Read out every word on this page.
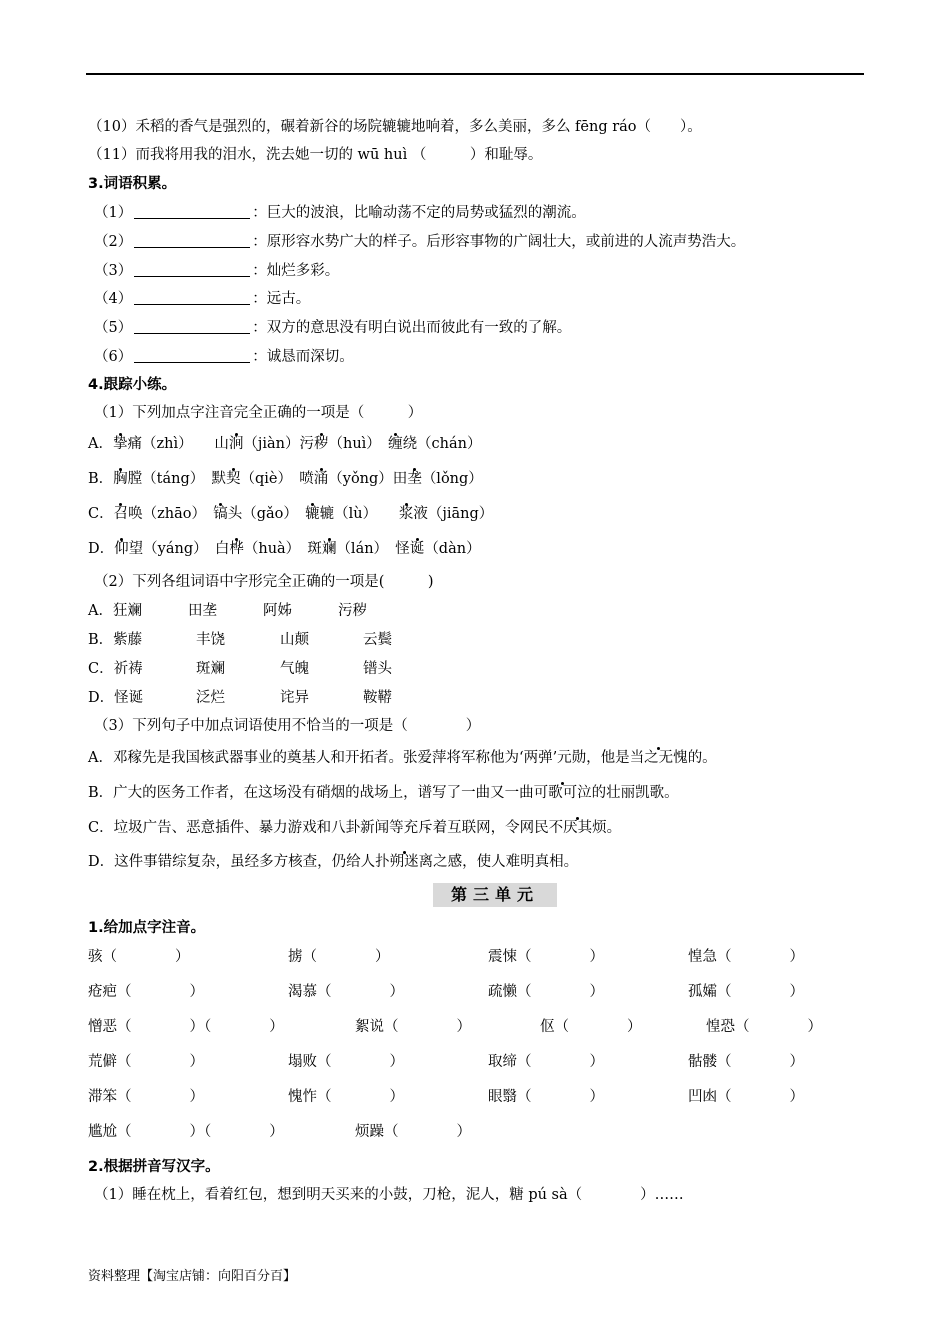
（10）禾稻的香气是强烈的，碾着新谷的场院辘辘地响着，多么美丽，多么 fēng ráo（　　）。
（11）而我将用我的泪水，洗去她一切的 wū huì （　　　）和耻辱。
3.词语积累。
（1）	：巨大的波浪，比喻动荡不定的局势或猛烈的潮流。
（2）	：原形容水势广大的样子。后形容事物的广阔壮大，或前进的人流声势浩大。
（3）	：灿烂多彩。
（4）	：远古。
（5）	：双方的意思没有明白说出而彼此有一致的了解。
（6）	：诚恳而深切。
4.跟踪小练。
（1）下列加点字注音完全正确的一项是（　　　）
A．挚痛（zhì）　　山涧（jiàn）污秽（huì）　缠绕（chán）
B．胸膛（táng）　默契（qiè）　喷涌（yǒng）田垄（lǒng）
C．召唤（zhāo）　镐头（gǎo）　辘辘（lù）　　浆液（jiāng）
D．仰望（yáng）　白桦（huà）　斑斓（lán）　怪诞（dàn）
（2）下列各组词语中字形完全正确的一项是(　　　)
A．狂斓	田垄	阿姊	污秽
B．紫藤	丰饶	山颠	云鬓
C．祈祷	斑斓	气魄	镨头
D．怪诞	泛烂	诧异	鞍鞯
（3）下列句子中加点词语使用不恰当的一项是（　　　　）
A．邓稼先是我国核武器事业的奠基人和开拓者。张爱萍将军称他为‘两弹’元勋，他是当之无愧的。
B．广大的医务工作者，在这场没有硝烟的战场上，谱写了一曲又一曲可歌可泣的壮丽凯歌。
C．垃圾广告、恶意插件、暴力游戏和八卦新闻等充斥着互联网，令网民不厌其烦。
D．这件事错综复杂，虽经多方核查，仍给人扑朔迷离之感，使人难明真相。
第三单元
1.给加点字注音。
骇（　　　　）	掳（　　　　）	震悚（　　　　）	惶急（　　　　）
疮疤（　　　　）	渴慕（　　　　）	疏懒（　　　　）	孤孀（　　　　）
憎恶（　　　　）（　　　　）	絮说（　　　　）	伛（　　　　）	惶恐（　　　　）
荒僻（　　　　）	塌败（　　　　）	取缔（　　　　）	骷髅（　　　　）
滞笨（　　　　）	愧怍（　　　　）	眼翳（　　　　）	凹凼（　　　　）
尴尬（　　　　）（　　　　）	烦躁（　　　　）
2.根据拼音写汉字。
（1）睡在枕上，看着红包，想到明天买来的小鼓，刀枪，泥人，糖 pú sà（　　　　）……
资料整理【淘宝店铺：向阳百分百】
